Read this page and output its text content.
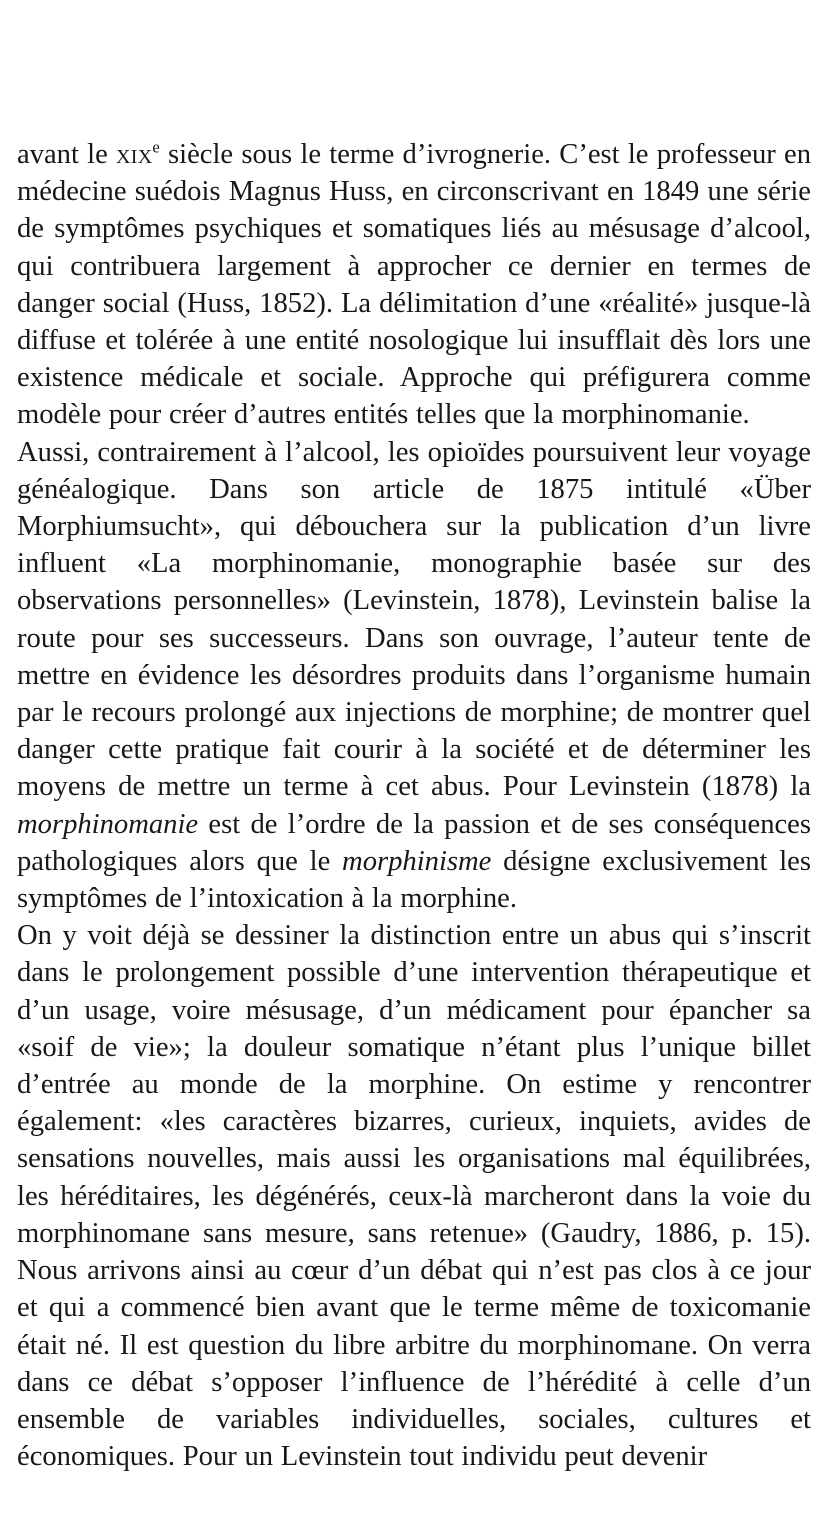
avant le xix$^e$ siècle sous le terme d’ivrognerie. C’est le professeur en médecine suédois Magnus Huss, en circonscrivant en 1849 une série de symptômes psychiques et somatiques liés au mésusage d’alcool, qui contribuera largement à approcher ce dernier en termes de danger social (Huss, 1852). La délimitation d’une «réalité» jusque-là diffuse et tolérée à une entité nosologique lui insufflait dès lors une existence médicale et sociale. Approche qui préfigurera comme modèle pour créer d’autres entités telles que la morphinomanie.

Aussi, contrairement à l’alcool, les opioïdes poursuivent leur voyage généalogique. Dans son article de 1875 intitulé «Über Morphiumsucht», qui débouchera sur la publication d’un livre influent «La morphinomanie, monographie basée sur des observations personnelles» (Levinstein, 1878), Levinstein balise la route pour ses successeurs. Dans son ouvrage, l’auteur tente de mettre en évidence les désordres produits dans l’organisme humain par le recours prolongé aux injections de morphine; de montrer quel danger cette pratique fait courir à la société et de déterminer les moyens de mettre un terme à cet abus. Pour Levinstein (1878) la morphinomanie est de l’ordre de la passion et de ses conséquences pathologiques alors que le morphinisme désigne exclusivement les symptômes de l’intoxication à la morphine.

On y voit déjà se dessiner la distinction entre un abus qui s’inscrit dans le prolongement possible d’une intervention thérapeutique et d’un usage, voire mésusage, d’un médicament pour épancher sa «soif de vie»; la douleur somatique n’étant plus l’unique billet d’entrée au monde de la morphine. On estime y rencontrer également: «les caractères bizarres, curieux, inquiets, avides de sensations nouvelles, mais aussi les organisations mal équilibrées, les héréditaires, les dégénérés, ceux-là marcheront dans la voie du morphinomane sans mesure, sans retenue» (Gaudry, 1886, p. 15). Nous arrivons ainsi au cœur d’un débat qui n’est pas clos à ce jour et qui a commencé bien avant que le terme même de toxicomanie était né. Il est question du libre arbitre du morphinomane. On verra dans ce débat s’opposer l’influence de l’hérédité à celle d’un ensemble de variables individuelles, sociales, cultures et économiques. Pour un Levinstein tout individu peut devenir
